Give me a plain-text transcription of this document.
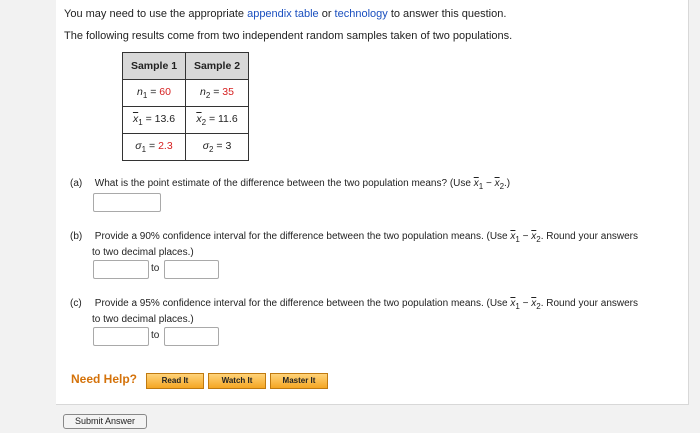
You may need to use the appropriate appendix table or technology to answer this question.
The following results come from two independent random samples taken of two populations.
Sample 1	Sample 2
$n_1 = 60$	$n_2 = 35$
$\overline{x}_1 = 13.6$	$\overline{x}_2 = 11.6$
$\sigma_1 = 2.3$	$\sigma_2 = 3$
(a) What is the point estimate of the difference between the two population means? (Use $\overline{x}_1 - \overline{x}_2$.)
(b) Provide a 90% confidence interval for the difference between the two population means. (Use $\overline{x}_1 - \overline{x}_2$. Round your answers
to two decimal places.)
to
(c) Provide a 95% confidence interval for the difference between the two population means. (Use $\overline{x}_1 - \overline{x}_2$. Round your answers
to two decimal places.)
to
Need Help?	Read It	Watch It	Master It
Submit Answer
